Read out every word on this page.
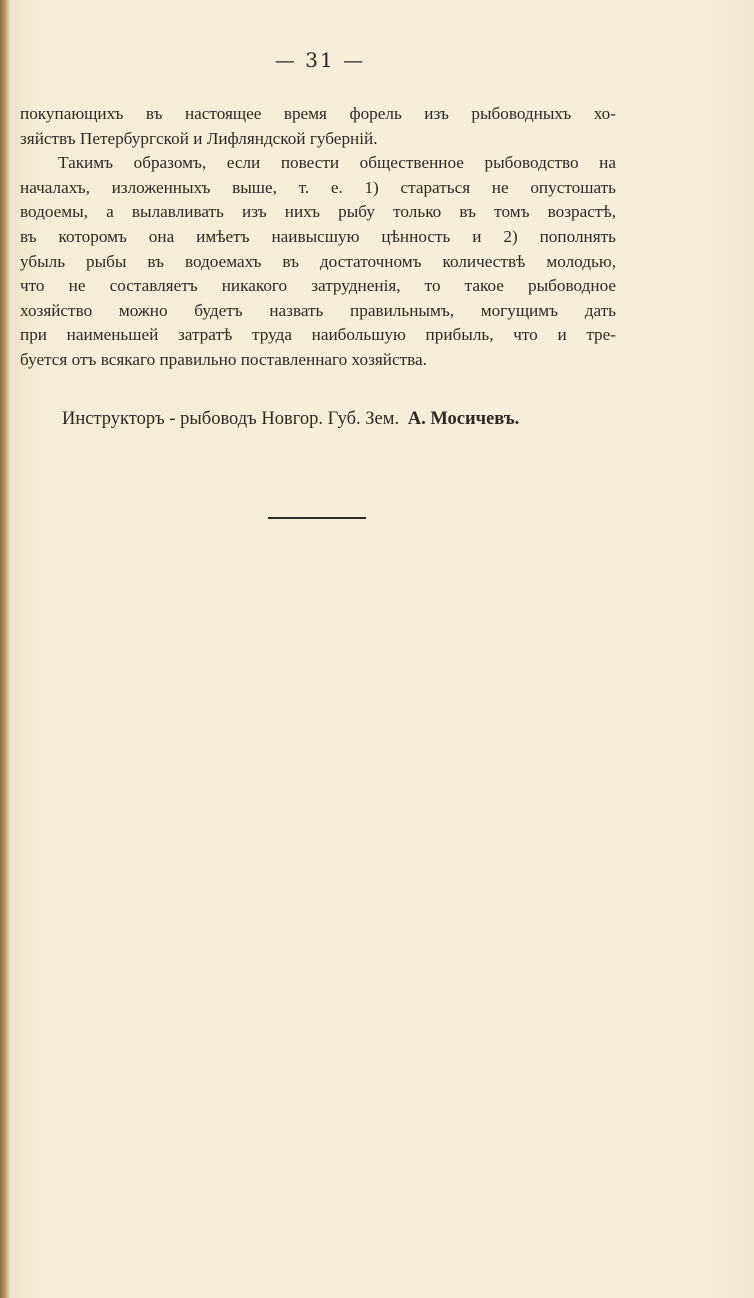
— 31 —
покупающихъ въ настоящее время форель изъ рыбоводныхъ хо-
зяйствъ Петербургской и Лифляндской губерній.
Такимъ образомъ, если повести общественное рыбоводство на
началахъ, изложенныхъ выше, т. е. 1) стараться не опустошать
водоемы, а вылавливать изъ нихъ рыбу только въ томъ возрастѣ,
въ которомъ она имѣетъ наивысшую цѣнность и 2) пополнять
убыль рыбы въ водоемахъ въ достаточномъ количествѣ молодью,
что не составляетъ никакого затрудненія, то такое рыбоводное
хозяйство можно будетъ назвать правильнымъ, могущимъ дать
при наименьшей затратѣ труда наибольшую прибыль, что и тре-
буется отъ всякаго правильно поставленнаго хозяйства.
Инструкторъ - рыбоводъ Новгор. Губ. Зем. А. Мосичевъ.
